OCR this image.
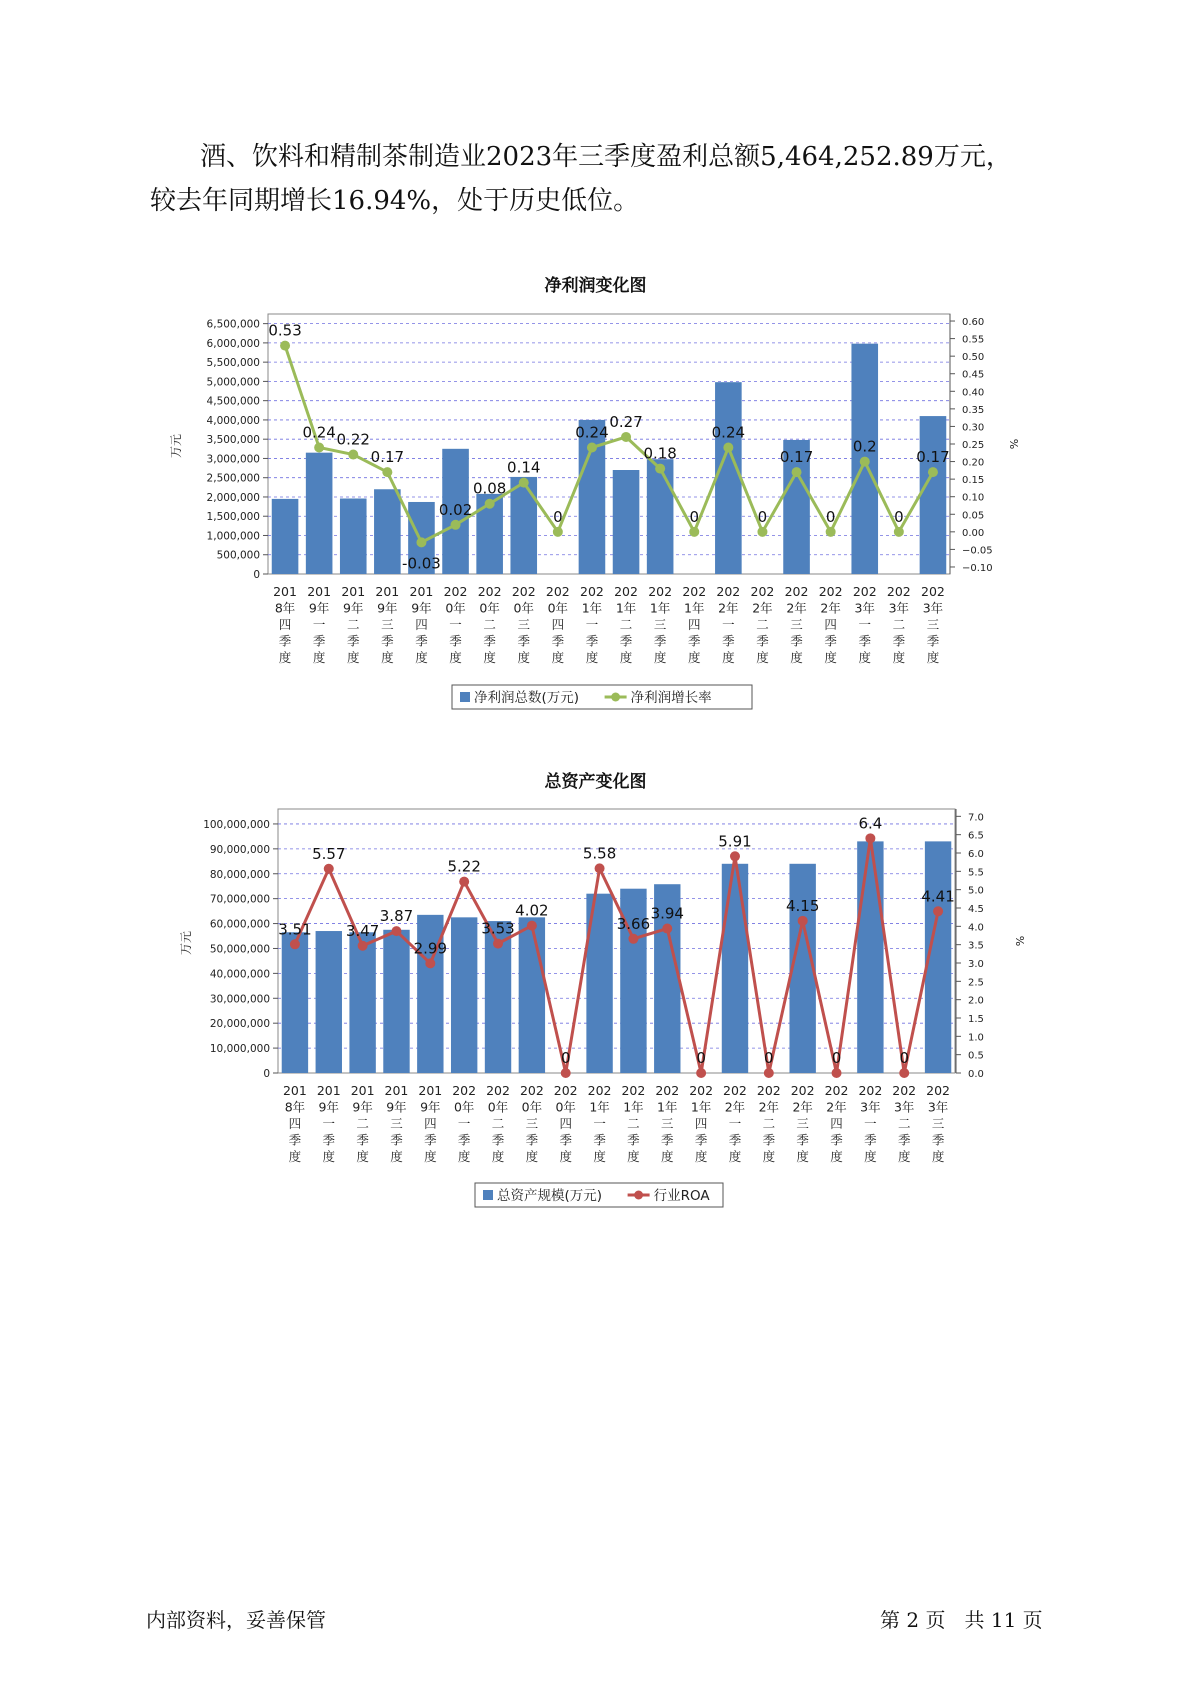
酒、饮料和精制茶制造业2023年三季度盈利总额5,464,252.89万元，
较去年同期增长16.94%，处于历史低位。
净利润变化图
0
500,000
1,000,000
1,500,000
2,000,000
2,500,000
3,000,000
3,500,000
4,000,000
4,500,000
5,000,000
5,500,000
6,000,000
6,500,000
万元
−0.10
−0.05
0.00
0.05
0.10
0.15
0.20
0.25
0.30
0.35
0.40
0.45
0.50
0.55
0.60
%
201 8年四季度
201 9年一季度
201 9年二季度
201 9年三季度
201 9年四季度
202 0年一季度
202 0年二季度
202 0年三季度
202 0年四季度
202 1年一季度
202 1年二季度
202 1年三季度
202 1年四季度
202 2年一季度
202 2年二季度
202 2年三季度
202 2年四季度
202 3年一季度
202 3年二季度
202 3年三季度
0.53
0.24 0.22
0.17
-0.03
0.02
0.08
0.14
0
0.24
0.27
0.18
0
0.24
0
0.17
0
0.2
0
0.17
净利润总数(万元)	净利润增长率
总资产变化图
0
10,000,000
20,000,000
30,000,000
40,000,000
50,000,000
60,000,000
70,000,000
80,000,000
90,000,000
100,000,000
万元
0.0
0.5
1.0
1.5
2.0
2.5
3.0
3.5
4.0
4.5
5.0
5.5
6.0
6.5
7.0
%
201 8年四季度
201 9年一季度
201 9年二季度
201 9年三季度
201 9年四季度
202 0年一季度
202 0年二季度
202 0年三季度
202 0年四季度
202 1年一季度
202 1年二季度
202 1年三季度
202 1年四季度
202 2年一季度
202 2年二季度
202 2年三季度
202 2年四季度
202 3年一季度
202 3年二季度
202 3年三季度
3.51
5.57
3.47
3.87
2.99
5.22
3.53
4.02
0
5.58
3.66
3.94
0
5.91
0
4.15
0
6.4
0
4.41
总资产规模(万元)	行业ROA
内部资料，妥善保管	第 2 页   共 11 页
